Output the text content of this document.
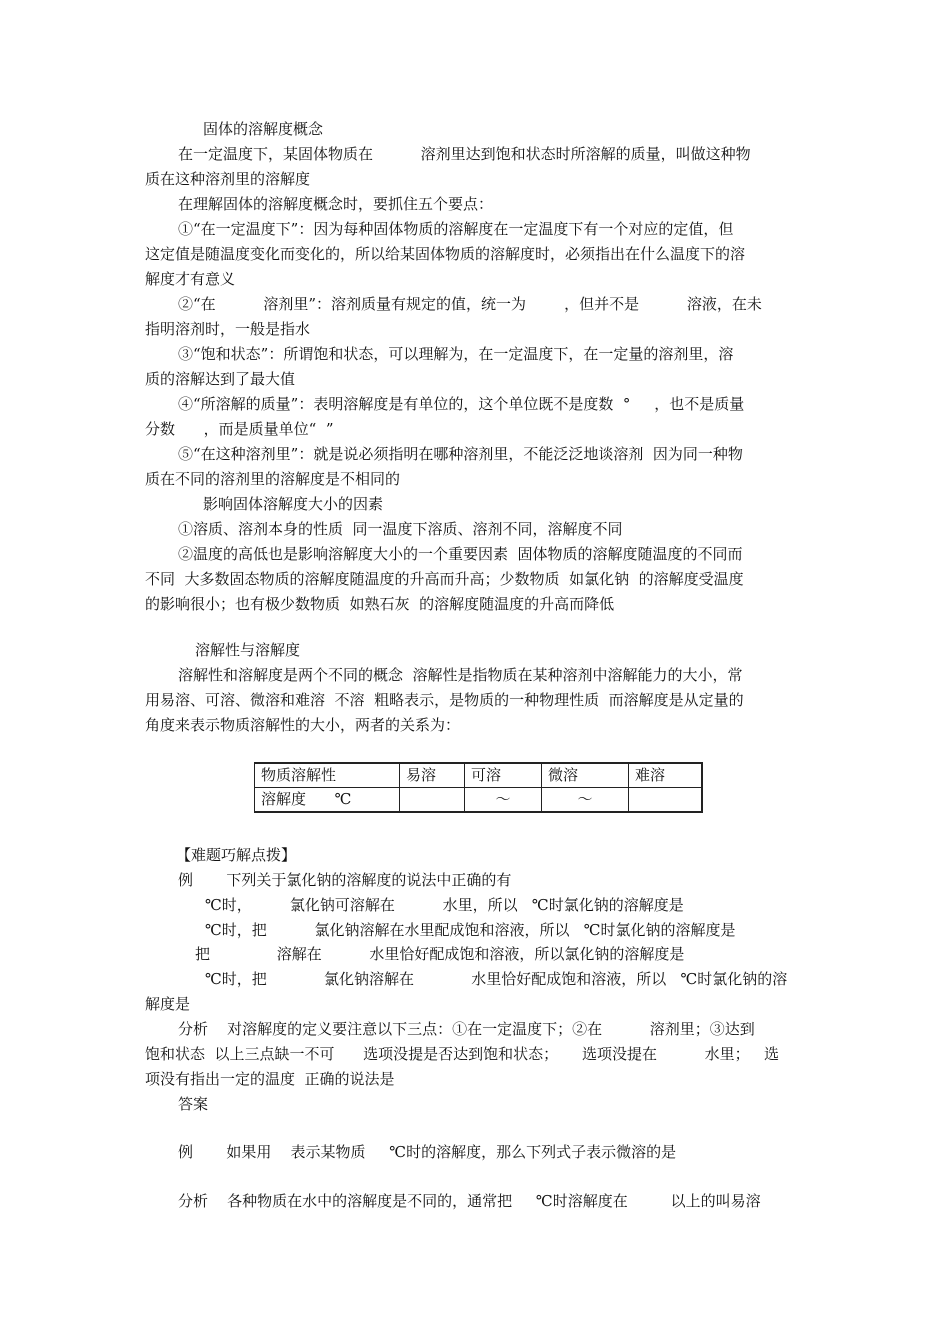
固体的溶解度概念
在一定温度下，某固体物质在          溶剂里达到饱和状态时所溶解的质量，叫做这种物
质在这种溶剂里的溶解度
在理解固体的溶解度概念时，要抓住五个要点：
①“在一定温度下”：因为每种固体物质的溶解度在一定温度下有一个对应的定值，但
这定值是随温度变化而变化的，所以给某固体物质的溶解度时，必须指出在什么温度下的溶
解度才有意义
②“在          溶剂里”：溶剂质量有规定的值，统一为        ，但并不是          溶液，在未
指明溶剂时，一般是指水
③“饱和状态”：所谓饱和状态，可以理解为，在一定温度下，在一定量的溶剂里，溶
质的溶解达到了最大值
④“所溶解的质量”：表明溶解度是有单位的，这个单位既不是度数  °     ，也不是质量
分数      ，而是质量单位“  ”
⑤“在这种溶剂里”：就是说必须指明在哪种溶剂里，不能泛泛地谈溶剂  因为同一种物
质在不同的溶剂里的溶解度是不相同的
影响固体溶解度大小的因素
①溶质、溶剂本身的性质  同一温度下溶质、溶剂不同，溶解度不同
②温度的高低也是影响溶解度大小的一个重要因素  固体物质的溶解度随温度的不同而
不同  大多数固态物质的溶解度随温度的升高而升高；少数物质  如氯化钠  的溶解度受温度
的影响很小；也有极少数物质  如熟石灰  的溶解度随温度的升高而降低
溶解性与溶解度
溶解性和溶解度是两个不同的概念  溶解性是指物质在某种溶剂中溶解能力的大小，常
用易溶、可溶、微溶和难溶  不溶  粗略表示，是物质的一种物理性质  而溶解度是从定量的
角度来表示物质溶解性的大小，两者的关系为：
物质溶解性	易溶	可溶	微溶	难溶
溶解度      ℃		～	～	
【难题巧解点拨】
例       下列关于氯化钠的溶解度的说法中正确的有
℃时，        氯化钠可溶解在          水里，所以   ℃时氯化钠的溶解度是
℃时，把          氯化钠溶解在水里配成饱和溶液，所以   ℃时氯化钠的溶解度是
把              溶解在          水里恰好配成饱和溶液，所以氯化钠的溶解度是
℃时，把            氯化钠溶解在            水里恰好配成饱和溶液，所以   ℃时氯化钠的溶
解度是
分析    对溶解度的定义要注意以下三点：①在一定温度下；②在          溶剂里；③达到
饱和状态  以上三点缺一不可      选项没提是否达到饱和状态；     选项没提在          水里；   选
项没有指出一定的温度  正确的说法是
答案
例       如果用    表示某物质     ℃时的溶解度，那么下列式子表示微溶的是
分析    各种物质在水中的溶解度是不同的，通常把     ℃时溶解度在         以上的叫易溶
